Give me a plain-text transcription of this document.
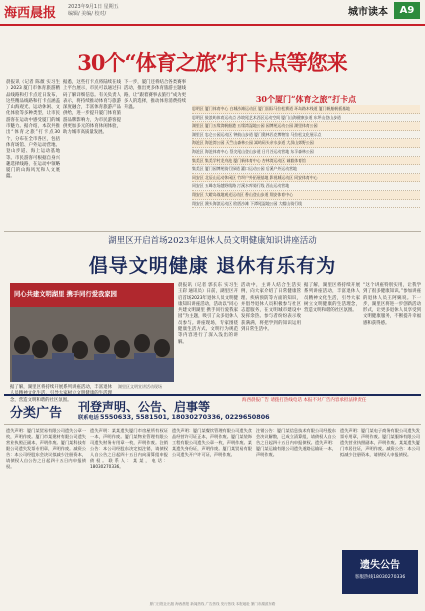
海西晨报 2023年9月1日 星期五
编辑/ 美编/ 校对/	城市读本	A9
30个“体育之旅”打卡点等您来
晨报讯（记者 陈薇 实习生 ）2023 厦门市体育旅游精品线路和打卡点近日发布，这些精品线路和打卡点涵盖了山海观光、运动休闲、文化体验等多种类型，让市民游客在运动中感受厦门的城市魅力。据介绍，本次共推出“体育之旅”打卡点30个，分布在全市各区，包括体育场馆、户外运动营地、登山步道、海上运动基地等。市民游客可根据自身兴趣选择线路，在运动中领略厦门的山海风光和人文底蕴。
据悉，这些打卡点将陆续在线上平台展示，市民可以通过扫码了解详细信息。有关负责人表示，将持续推动体育与旅游深度融合，丰富体育旅游产品供给，进一步提升厦门体育旅游品牌影响力，为市民游客提供更加多元的体育休闲体验，助力城市高质量发展。
下一步，厦门还将结合各类赛事活动，推出更多体育旅游主题线路，让“跟着赛事去旅行”成为更多人的选择，推动体育消费持续升温。
30个厦门“体育之旅”打卡点
思明区 厦门体育中心 白城沙滩运动区 厦门国际马拉松赛道 环岛路木栈道 厦门帆船帆板基地
思明区 鼓浪屿体育运动点 沙坡尾艺术西区运动空间 厦门山海健康步道 东坪山登山步道
湖里区 厦门五缘湾帆船港 五缘湾湿地公园 园博苑运动公园 湖里体育公园
湖里区 忠仑公园运动区 钟鼓山步道 厦门奥林匹克博物馆 马拉松文化展示点
海沧区 海沧湾公园 天竺山森林公园 嵩屿码头亲水步道 大屏山郊野公园
海沧区 海沧体育中心 蔡尖尾山登山步道 日月谷运动营地 东孚森林公园
集美区 集美学村龙舟池 厦门新体育中心 杏林湾运动区 诚毅体育馆
集美区 厦门园博苑骑行绿道 灌口运动公园 后溪户外运动营地
同安区 北辰山运动休闲区 竹坝户外拓展基地 影视城运动区 同安体育中心
同安区 五峰农场越野线路 汀溪水库骑行线 西山运动营地
翔安区 大嶝岛战地观光运动区 香山登山步道 翔安体育中心
翔安区 澳头海滨运动区 欧厝沙滩 下潭尾湿地公园 大帽山骑行线
湖里区开启首场2023年退休人员文明健康知识讲座活动
倡导文明健康 退休有乐有为
同心共建文明湖里 携手同行爱我家园
湖里区文明宣讲活动现场
晨报讯（记者 郭长东 实习生 王彩 通讯员）日前，湖里区开启首场2023年退休人员文明健康知识讲座活动，活动以“同心共建文明湖里 携手同行爱我家园”为主题，吸引了众多退休人员参与。讲座现场，专家围绕健康生活方式、文明行为规范等内容进行了深入浅出的讲解。
活动中，主讲人结合生活实例，向大家介绍了日常健康管理、疾病预防等方面的知识，并倡导退休人员积极参与社区志愿服务，在文明城市建设中发挥余热。参与者纷纷表示收获满满，将把学到的知识运用到日常生活中。
据了解，湖里区将持续开展系列讲座活动，丰富退休人员精神文化生活，引导大家树立文明健康的生活理念，营造文明和谐的社区氛围。
“这个讲座特别实用，让我学到了很多健康知识。”参加讲座的退休人员王阿姨说。下一步，湖里区将进一步创新活动形式，让更多退休人员享受到文明健康服务，不断提升幸福感和获得感。
据了解，湖里区将持续开展系列讲座活动，丰富退休人员精神文化生活，引导大家树立文明健康的生活理念，营造文明和谐的社区氛围。
分类广告 刊登声明、公告、启事等
联系电话 5550633, 5581501, 18030270336, 0229650806
海西晨报广告 请拨打热线电话 本报不对广告内容承担法律责任
遗失声明：厦门某贸易有限公司遗失公章一枚，声明作废。厦门市某建材有限公司遗失营业执照正副本，声明作废。厦门某科技有限公司遗失发票专用章，声明作废。减资公告：本公司经股东会决议拟减少注册资本，请债权人自公告之日起四十五日内申报债权。
遗失声明：某某遗失厦门市房屋所有权证一本，声明作废。厦门某物业管理有限公司遗失财务专用章一枚，声明作废。注销公告：本公司经股东决定拟注销，请债权人自公告之日起四十五日内向清算组申报债权。联系人：某某，电话：18030270336。
遗失声明：厦门某餐饮管理有限公司遗失食品经营许可证正本，声明作废。厦门某装饰工程有限公司遗失公章一枚，声明作废。某某遗失身份证，声明作废。厦门某贸易有限公司遗失开户许可证，声明作废。
注销公告：厦门某信息技术有限公司经股东会决议解散，已成立清算组，请债权人自公告之日起四十五日内申报债权。遗失声明：厦门某运输有限公司遗失道路运输证一本，声明作废。
遗失声明：厦门某电子商务有限公司遗失发票专用章，声明作废。厦门某服饰有限公司遗失营业执照副本，声明作废。某某遗失厦门市居住证，声明作废。减资公告：本公司拟减少注册资本，请债权人申报债权。
遗失公告
客服热线18030270336
厦门日报社出版 海西晨报 新闻热线 广告热线 发行热线 本报地址 厦门市湖滨东路
